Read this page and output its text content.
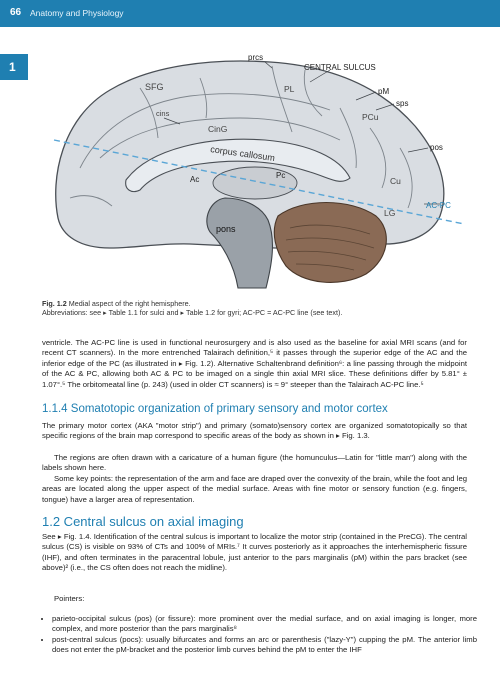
66 Anatomy and Physiology
1
prcs
CENTRAL SULCUS
pM
sps
SFG
cins
PL
PCu
pos
CinG
corpus callosum
Pc
Ac	Cu
LG
pons
AC-PC
Fig. 1.2 Medial aspect of the right hemisphere.
Abbreviations: see ▸ Table 1.1 for sulci and ▸ Table 1.2 for gyri; AC-PC = AC-PC line (see text).

ventricle. The AC-PC line is used in functional neurosurgery and is also used as the baseline for axial MRI scans (and for recent CT scanners). In the more entrenched Talairach definition,⁵ it passes through the superior edge of the AC and the inferior edge of the PC (as illustrated in ▸ Fig. 1.2). Alternative Schaltenbrand definition⁶: a line passing through the midpoint of the AC & PC, allowing both AC & PC to be imaged on a single thin axial MRI slice. These definitions differ by 5.81° ± 1.07°.⁵ The orbitomeatal line (p. 243) (used in older CT scanners) is ≈ 9° steeper than the Talairach AC-PC line.⁵

1.1.4 Somatotopic organization of primary sensory and motor cortex

The primary motor cortex (AKA "motor strip") and primary (somato)sensory cortex are organized somatotopically so that specific regions of the brain map correspond to specific areas of the body as shown in ▸ Fig. 1.3.

The regions are often drawn with a caricature of a human figure (the homunculus—Latin for "little man") along with the labels shown here.

Some key points: the representation of the arm and face are draped over the convexity of the brain, while the foot and leg areas are located along the upper aspect of the medial surface. Areas with fine motor or sensory function (e.g. fingers, tongue) have a larger area of representation.

1.2 Central sulcus on axial imaging

See ▸ Fig. 1.4. Identification of the central sulcus is important to localize the motor strip (contained in the PreCG). The central sulcus (CS) is visible on 93% of CTs and 100% of MRIs.⁷ It curves posteriorly as it approaches the interhemispheric fissure (IHF), and often terminates in the paracentral lobule, just anterior to the pars marginalis (pM) within the pars bracket (see above)² (i.e., the CS often does not reach the midline).

Pointers:

• parieto-occipital sulcus (pos) (or fissure): more prominent over the medial surface, and on axial imaging is longer, more complex, and more posterior than the pars marginalis⁸
• post-central sulcus (pocs): usually bifurcates and forms an arc or parenthesis ("lazy-Y") cupping the pM. The anterior limb does not enter the pM-bracket and the posterior limb curves behind the pM to enter the IHF
